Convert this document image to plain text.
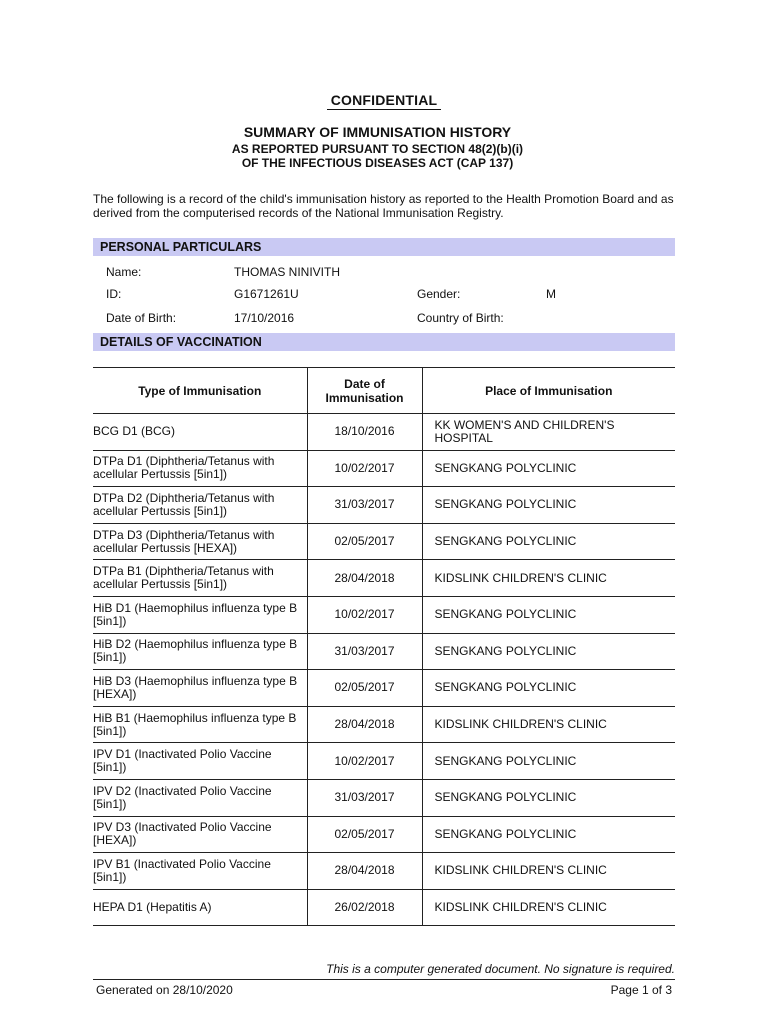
CONFIDENTIAL
SUMMARY OF IMMUNISATION HISTORY
AS REPORTED PURSUANT TO SECTION 48(2)(b)(i)
OF THE INFECTIOUS DISEASES ACT (CAP 137)
The following is a record of the child's immunisation history as reported to the Health Promotion Board and as derived from the computerised records of the National Immunisation Registry.
PERSONAL PARTICULARS
Name:	THOMAS NINIVITH
ID:	G1671261U	Gender:	M
Date of Birth:	17/10/2016	Country of Birth:
DETAILS OF VACCINATION
Type of Immunisation	Date of Immunisation	Place of Immunisation
BCG D1 (BCG)	18/10/2016	KK WOMEN'S AND CHILDREN'S HOSPITAL
DTPa D1 (Diphtheria/Tetanus with acellular Pertussis [5in1])	10/02/2017	SENGKANG POLYCLINIC
DTPa D2 (Diphtheria/Tetanus with acellular Pertussis [5in1])	31/03/2017	SENGKANG POLYCLINIC
DTPa D3 (Diphtheria/Tetanus with acellular Pertussis [HEXA])	02/05/2017	SENGKANG POLYCLINIC
DTPa B1 (Diphtheria/Tetanus with acellular Pertussis [5in1])	28/04/2018	KIDSLINK CHILDREN'S CLINIC
HiB D1 (Haemophilus influenza type B [5in1])	10/02/2017	SENGKANG POLYCLINIC
HiB D2 (Haemophilus influenza type B [5in1])	31/03/2017	SENGKANG POLYCLINIC
HiB D3 (Haemophilus influenza type B [HEXA])	02/05/2017	SENGKANG POLYCLINIC
HiB B1 (Haemophilus influenza type B [5in1])	28/04/2018	KIDSLINK CHILDREN'S CLINIC
IPV D1 (Inactivated Polio Vaccine [5in1])	10/02/2017	SENGKANG POLYCLINIC
IPV D2 (Inactivated Polio Vaccine [5in1])	31/03/2017	SENGKANG POLYCLINIC
IPV D3 (Inactivated Polio Vaccine [HEXA])	02/05/2017	SENGKANG POLYCLINIC
IPV B1 (Inactivated Polio Vaccine [5in1])	28/04/2018	KIDSLINK CHILDREN'S CLINIC
HEPA D1 (Hepatitis A)	26/02/2018	KIDSLINK CHILDREN'S CLINIC
This is a computer generated document. No signature is required.
Generated on 28/10/2020	Page 1 of 3
